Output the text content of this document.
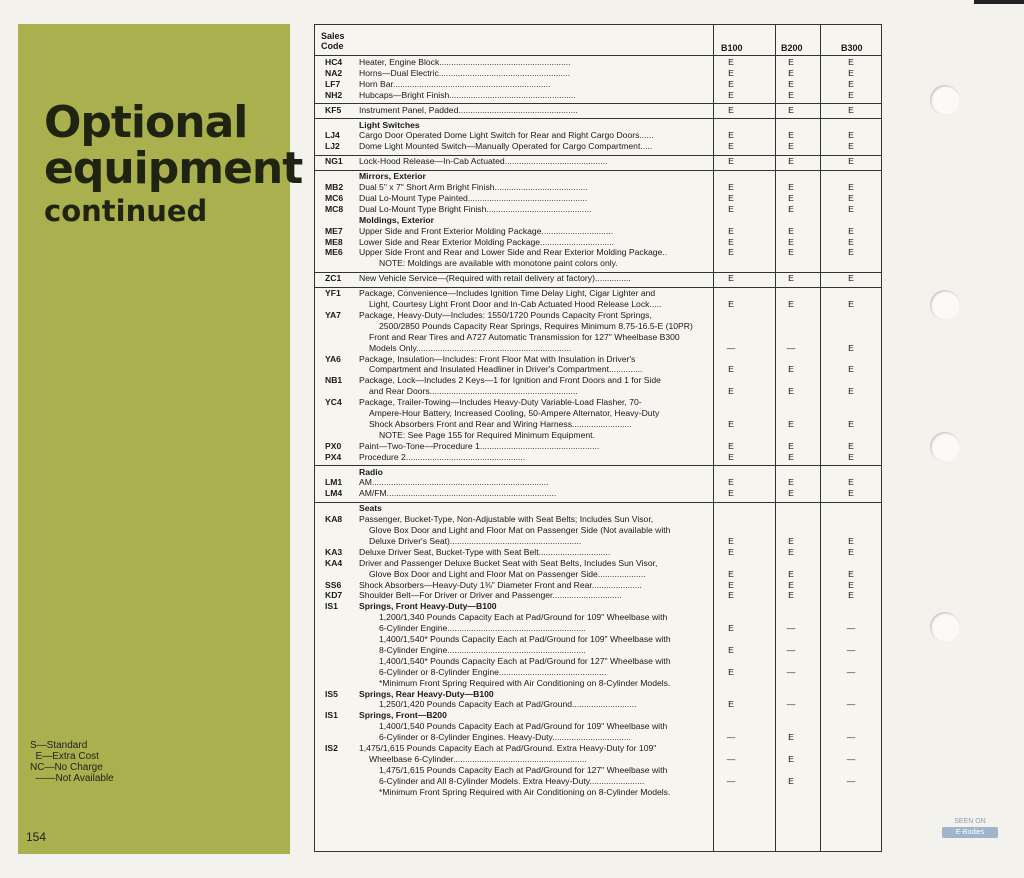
Optional
equipment
continued
S—Standard
E—Extra Cost
NC—No Charge
——Not Available
154
Sales
Code	B100	B200	B300
HC4	Heater, Engine Block.......................................................	E	E	E
NA2	Horns—Dual Electric.......................................................	E	E	E
LF7	Horn Bar..................................................................	E	E	E
NH2	Hubcaps—Bright Finish.....................................................	E	E	E
KF5	Instrument Panel, Padded..................................................	E	E	E
Light Switches
LJ4	Cargo Door Operated Dome Light Switch for Rear and Right Cargo Doors......	E	E	E
LJ2	Dome Light Mounted Switch—Manually Operated for Cargo Compartment.....	E	E	E
NG1	Lock-Hood Release—In-Cab Actuated...........................................	E	E	E
Mirrors, Exterior
MB2	Dual 5" x 7" Short Arm Bright Finish.......................................	E	E	E
MC6	Dual Lo-Mount Type Painted..................................................	E	E	E
MC8	Dual Lo-Mount Type Bright Finish............................................	E	E	E
Moldings, Exterior
ME7	Upper Side and Front Exterior Molding Package..............................	E	E	E
ME8	Lower Side and Rear Exterior Molding Package...............................	E	E	E
ME6	Upper Side Front and Rear and Lower Side and Rear Exterior Molding Package..	E	E	E
NOTE: Moldings are available with monotone paint colors only.
ZC1	New Vehicle Service—(Required with retail delivery at factory)...............	E	E	E
YF1	Package, Convenience—Includes Ignition Time Delay Light, Cigar Lighter and
Light, Courtesy Light Front Door and In-Cab Actuated Hood Release Lock.....	E	E	E
YA7	Package, Heavy-Duty—Includes: 1550/1720 Pounds Capacity Front Springs,
2500/2850 Pounds Capacity Rear Springs, Requires Minimum 8.75-16.5-E (10PR)
Front and Rear Tires and A727 Automatic Transmission for 127" Wheelbase B300
Models Only.................................................................	—	—	E
YA6	Package, Insulation—Includes: Front Floor Mat with Insulation in Driver's
Compartment and Insulated Headliner in Driver's Compartment..............	E	E	E
NB1	Package, Lock—Includes 2 Keys—1 for Ignition and Front Doors and 1 for Side
and Rear Doors..............................................................	E	E	E
YC4	Package, Trailer-Towing—Includes Heavy-Duty Variable-Load Flasher, 70-
Ampere-Hour Battery, Increased Cooling, 50-Ampere Alternator, Heavy-Duty
Shock Absorbers Front and Rear and Wiring Harness.........................	E	E	E
NOTE: See Page 155 for Required Minimum Equipment.
PX0	Paint—Two-Tone—Procedure 1..................................................	E	E	E
PX4	Procedure 2..................................................	E	E	E
Radio
LM1	AM..........................................................................	E	E	E
LM4	AM/FM.......................................................................	E	E	E
Seats
KA8	Passenger, Bucket-Type, Non-Adjustable with Seat Belts; Includes Sun Visor,
Glove Box Door and Light and Floor Mat on Passenger Side (Not available with
Deluxe Driver's Seat).......................................................	E	E	E
KA3	Deluxe Driver Seat, Bucket-Type with Seat Belt..............................	E	E	E
KA4	Driver and Passenger Deluxe Bucket Seat with Seat Belts, Includes Sun Visor,
Glove Box Door and Light and Floor Mat on Passenger Side....................	E	E	E
SS6	Shock Absorbers—Heavy-Duty 1⅜" Diameter Front and Rear.....................	E	E	E
KD7	Shoulder Belt—For Driver or Driver and Passenger.............................	E	E	E
IS1	Springs, Front Heavy-Duty—B100
1,200/1,340 Pounds Capacity Each at Pad/Ground for 109" Wheelbase with
6-Cylinder Engine..........................................................	E	—	—
1,400/1,540* Pounds Capacity Each at Pad/Ground for 109" Wheelbase with
8-Cylinder Engine..........................................................	E	—	—
1,400/1,540* Pounds Capacity Each at Pad/Ground for 127" Wheelbase with
6-Cylinder or 8-Cylinder Engine.............................................	E	—	—
*Minimum Front Spring Required with Air Conditioning on 8-Cylinder Models.
IS5	Springs, Rear Heavy-Duty—B100
1,250/1,420 Pounds Capacity Each at Pad/Ground...........................	E	—	—
IS1	Springs, Front—B200
1,400/1,540 Pounds Capacity Each at Pad/Ground for 109" Wheelbase with
6-Cylinder or 8-Cylinder Engines. Heavy-Duty.................................	—	E	—
IS2	1,475/1,615 Pounds Capacity Each at Pad/Ground. Extra Heavy-Duty for 109"
Wheelbase 6-Cylinder........................................................	—	E	—
1,475/1,615 Pounds Capacity Each at Pad/Ground for 127" Wheelbase with
6-Cylinder and All 8-Cylinder Models. Extra Heavy-Duty.......................	—	E	—
*Minimum Front Spring Required with Air Conditioning on 8-Cylinder Models.
SEEN ON
E-Bodies
